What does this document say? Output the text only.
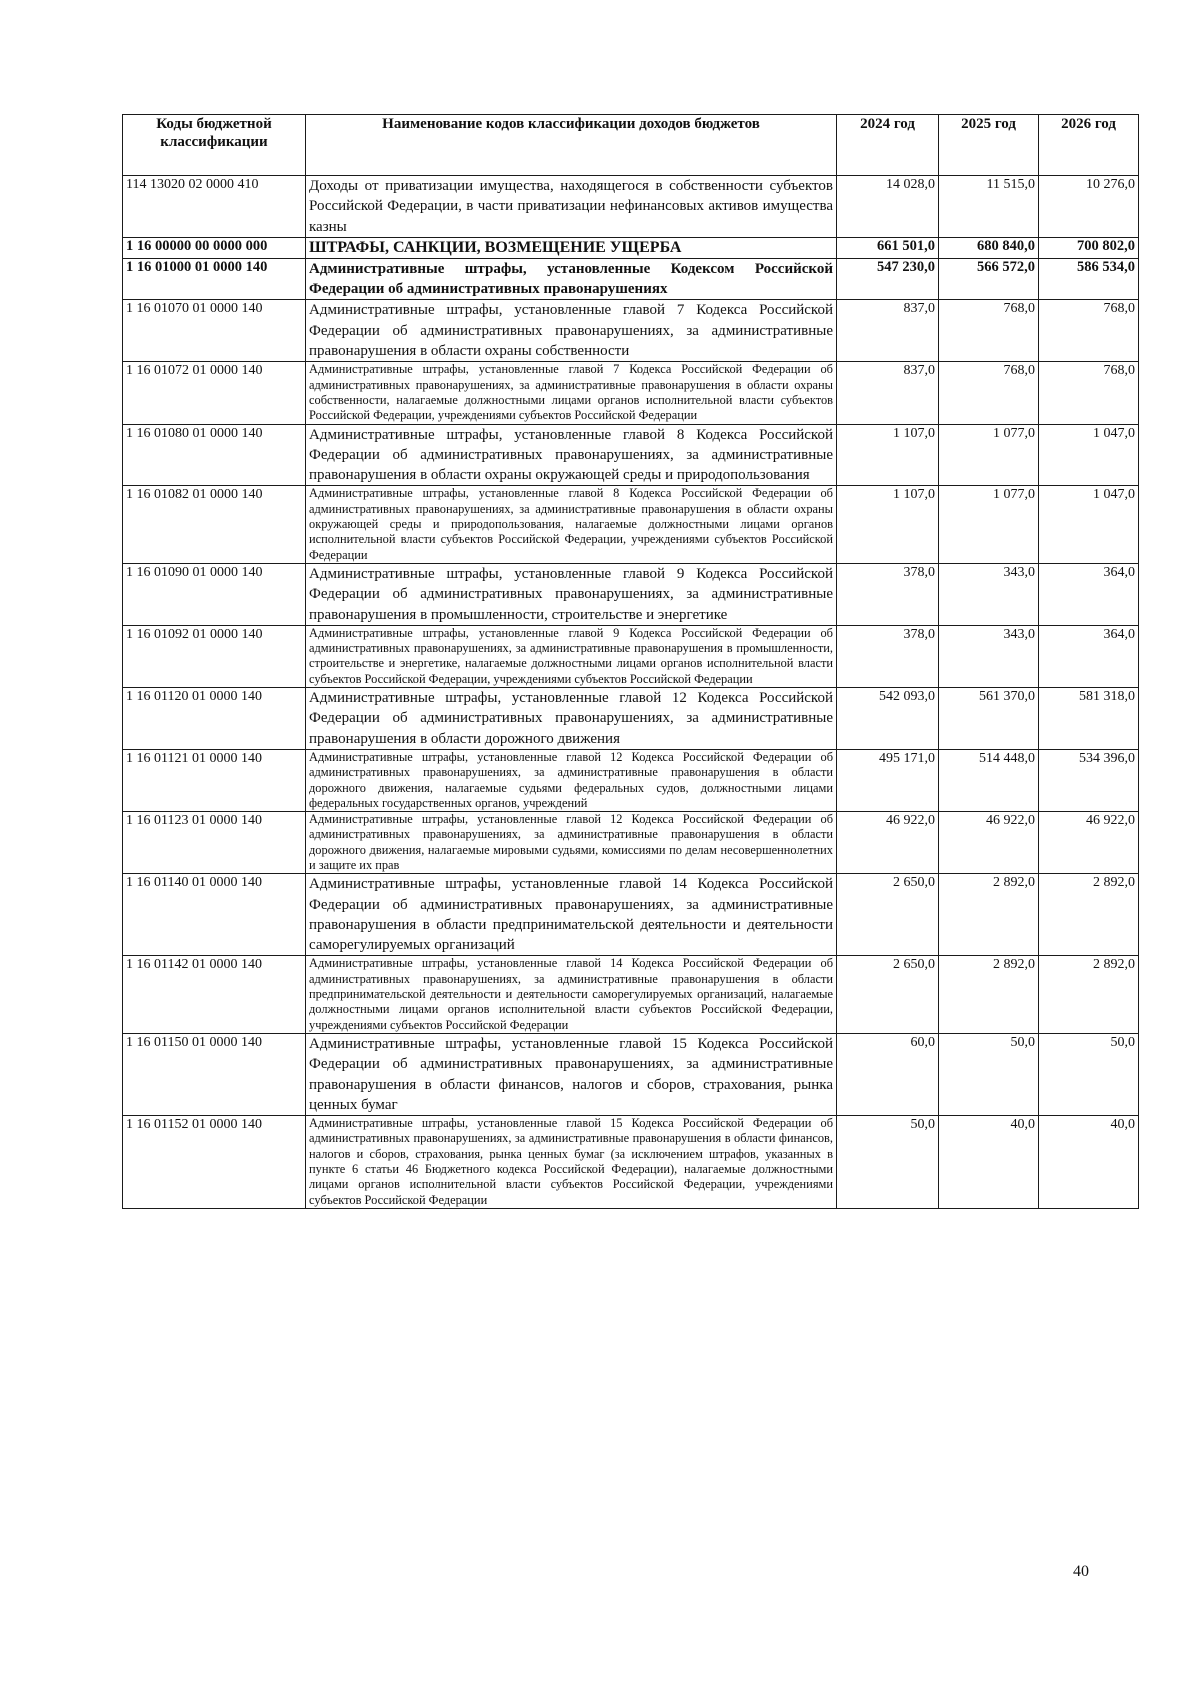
Коды бюджетной классификации	Наименование кодов классификации доходов бюджетов	2024 год	2025 год	2026 год
114 13020 02 0000 410	Доходы от приватизации имущества, находящегося в собственности субъектов Российской Федерации, в части приватизации нефинансовых активов имущества казны	14 028,0	11 515,0	10 276,0
1 16 00000 00 0000 000	ШТРАФЫ, САНКЦИИ, ВОЗМЕЩЕНИЕ УЩЕРБА	661 501,0	680 840,0	700 802,0
1 16 01000 01 0000 140	Административные штрафы, установленные Кодексом Российской Федерации об административных правонарушениях	547 230,0	566 572,0	586 534,0
1 16 01070 01 0000 140	Административные штрафы, установленные главой 7 Кодекса Российской Федерации об административных правонарушениях, за административные правонарушения в области охраны собственности	837,0	768,0	768,0
1 16 01072 01 0000 140	Административные штрафы, установленные главой 7 Кодекса Российской Федерации об административных правонарушениях, за административные правонарушения в области охраны собственности, налагаемые должностными лицами органов исполнительной власти субъектов Российской Федерации, учреждениями субъектов Российской Федерации	837,0	768,0	768,0
1 16 01080 01 0000 140	Административные штрафы, установленные главой 8 Кодекса Российской Федерации об административных правонарушениях, за административные правонарушения в области охраны окружающей среды и природопользования	1 107,0	1 077,0	1 047,0
1 16 01082 01 0000 140	Административные штрафы, установленные главой 8 Кодекса Российской Федерации об административных правонарушениях, за административные правонарушения в области охраны окружающей среды и природопользования, налагаемые должностными лицами органов исполнительной власти субъектов Российской Федерации, учреждениями субъектов Российской Федерации	1 107,0	1 077,0	1 047,0
1 16 01090 01 0000 140	Административные штрафы, установленные главой 9 Кодекса Российской Федерации об административных правонарушениях, за административные правонарушения в промышленности, строительстве и энергетике	378,0	343,0	364,0
1 16 01092 01 0000 140	Административные штрафы, установленные главой 9 Кодекса Российской Федерации об административных правонарушениях, за административные правонарушения в промышленности, строительстве и энергетике, налагаемые должностными лицами органов исполнительной власти субъектов Российской Федерации, учреждениями субъектов Российской Федерации	378,0	343,0	364,0
1 16 01120 01 0000 140	Административные штрафы, установленные главой 12 Кодекса Российской Федерации об административных правонарушениях, за административные правонарушения в области дорожного движения	542 093,0	561 370,0	581 318,0
1 16 01121 01 0000 140	Административные штрафы, установленные главой 12 Кодекса Российской Федерации об административных правонарушениях, за административные правонарушения в области дорожного движения, налагаемые судьями федеральных судов, должностными лицами федеральных государственных органов, учреждений	495 171,0	514 448,0	534 396,0
1 16 01123 01 0000 140	Административные штрафы, установленные главой 12 Кодекса Российской Федерации об административных правонарушениях, за административные правонарушения в области дорожного движения, налагаемые мировыми судьями, комиссиями по делам несовершеннолетних и защите их прав	46 922,0	46 922,0	46 922,0
1 16 01140 01 0000 140	Административные штрафы, установленные главой 14 Кодекса Российской Федерации об административных правонарушениях, за административные правонарушения в области предпринимательской деятельности и деятельности саморегулируемых организаций	2 650,0	2 892,0	2 892,0
1 16 01142 01 0000 140	Административные штрафы, установленные главой 14 Кодекса Российской Федерации об административных правонарушениях, за административные правонарушения в области предпринимательской деятельности и деятельности саморегулируемых организаций, налагаемые должностными лицами органов исполнительной власти субъектов Российской Федерации, учреждениями субъектов Российской Федерации	2 650,0	2 892,0	2 892,0
1 16 01150 01 0000 140	Административные штрафы, установленные главой 15 Кодекса Российской Федерации об административных правонарушениях, за административные правонарушения в области финансов, налогов и сборов, страхования, рынка ценных бумаг	60,0	50,0	50,0
1 16 01152 01 0000 140	Административные штрафы, установленные главой 15 Кодекса Российской Федерации об административных правонарушениях, за административные правонарушения в области финансов, налогов и сборов, страхования, рынка ценных бумаг (за исключением штрафов, указанных в пункте 6 статьи 46 Бюджетного кодекса Российской Федерации), налагаемые должностными лицами органов исполнительной власти субъектов Российской Федерации, учреждениями субъектов Российской Федерации	50,0	40,0	40,0
40
